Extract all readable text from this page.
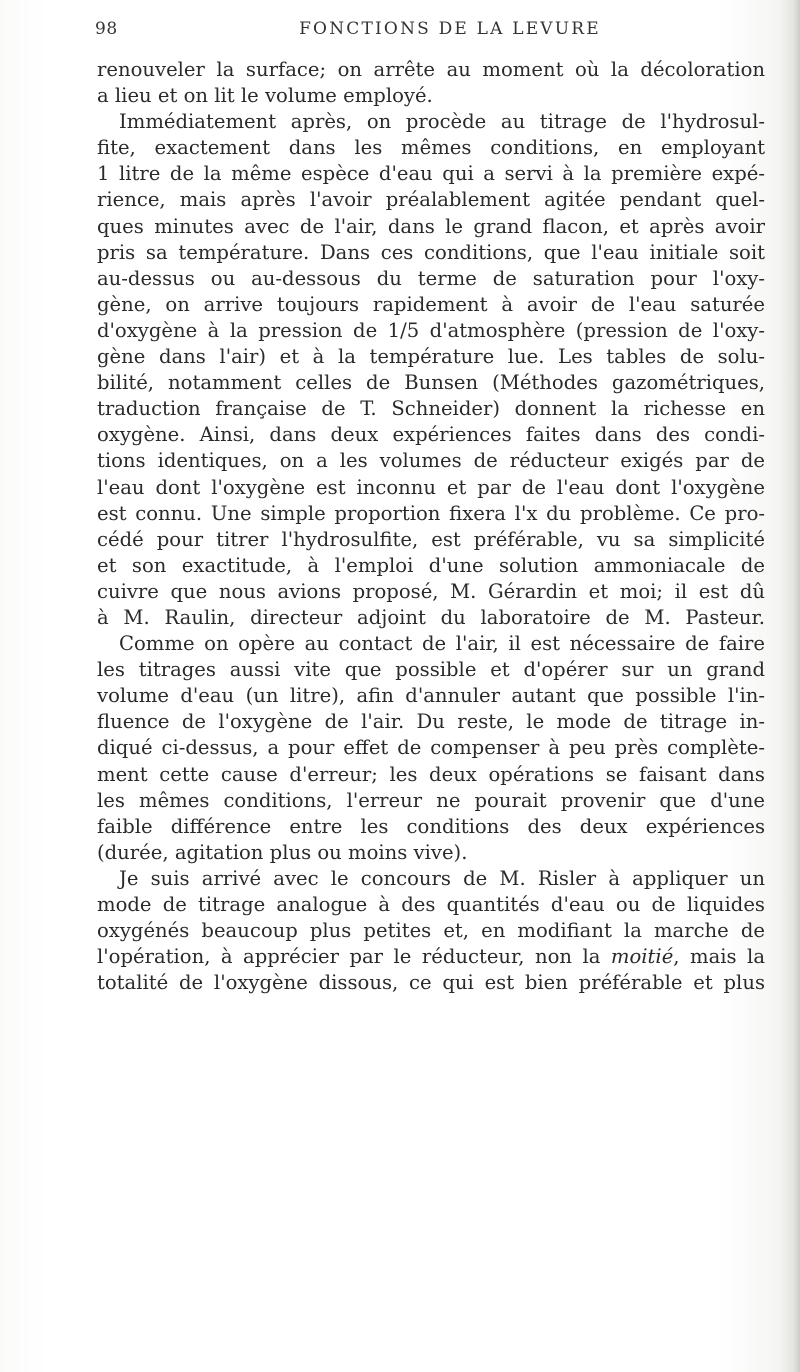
98	FONCTIONS DE LA LEVURE
renouveler la surface; on arrête au moment où la décoloration
a lieu et on lit le volume employé.
Immédiatement après, on procède au titrage de l'hydrosul-
fite, exactement dans les mêmes conditions, en employant
1 litre de la même espèce d'eau qui a servi à la première expé-
rience, mais après l'avoir préalablement agitée pendant quel-
ques minutes avec de l'air, dans le grand flacon, et après avoir
pris sa température. Dans ces conditions, que l'eau initiale soit
au-dessus ou au-dessous du terme de saturation pour l'oxy-
gène, on arrive toujours rapidement à avoir de l'eau saturée
d'oxygène à la pression de 1/5 d'atmosphère (pression de l'oxy-
gène dans l'air) et à la température lue. Les tables de solu-
bilité, notamment celles de Bunsen (Méthodes gazométriques,
traduction française de T. Schneider) donnent la richesse en
oxygène. Ainsi, dans deux expériences faites dans des condi-
tions identiques, on a les volumes de réducteur exigés par de
l'eau dont l'oxygène est inconnu et par de l'eau dont l'oxygène
est connu. Une simple proportion fixera l'x du problème. Ce pro-
cédé pour titrer l'hydrosulfite, est préférable, vu sa simplicité
et son exactitude, à l'emploi d'une solution ammoniacale de
cuivre que nous avions proposé, M. Gérardin et moi; il est dû
à M. Raulin, directeur adjoint du laboratoire de M. Pasteur.
Comme on opère au contact de l'air, il est nécessaire de faire
les titrages aussi vite que possible et d'opérer sur un grand
volume d'eau (un litre), afin d'annuler autant que possible l'in-
fluence de l'oxygène de l'air. Du reste, le mode de titrage in-
diqué ci-dessus, a pour effet de compenser à peu près complète-
ment cette cause d'erreur; les deux opérations se faisant dans
les mêmes conditions, l'erreur ne pourait provenir que d'une
faible différence entre les conditions des deux expériences
(durée, agitation plus ou moins vive).
Je suis arrivé avec le concours de M. Risler à appliquer un
mode de titrage analogue à des quantités d'eau ou de liquides
oxygénés beaucoup plus petites et, en modifiant la marche de
l'opération, à apprécier par le réducteur, non la moitié, mais la
totalité de l'oxygène dissous, ce qui est bien préférable et plus
